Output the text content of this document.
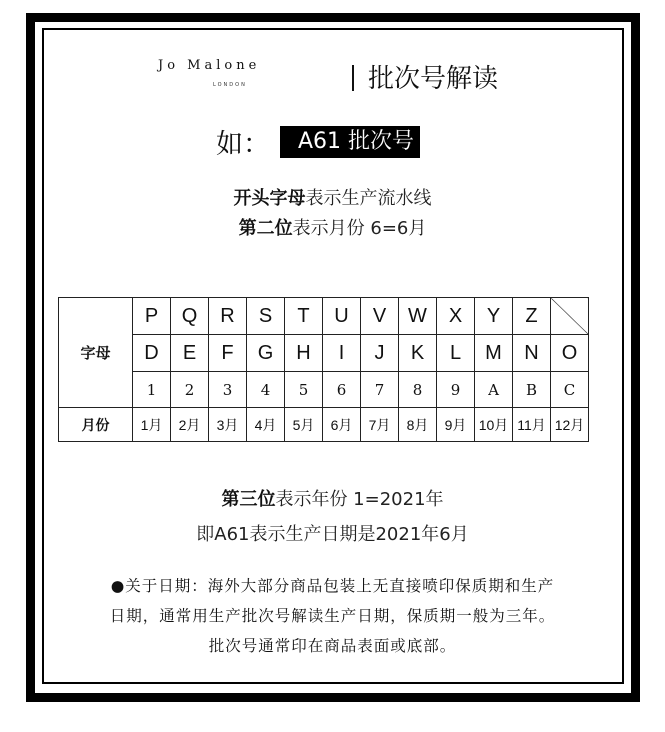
Jo Malone
LONDON	批次号解读
如： A61 批次号
开头字母表示生产流水线
第二位表示月份 6=6月
字母	P	Q	R	S	T	U	V	W	X	Y	Z	
	D	E	F	G	H	I	J	K	L	M	N	O
	1	2	3	4	5	6	7	8	9	A	B	C
月份	1月	2月	3月	4月	5月	6月	7月	8月	9月	10月	11月	12月
第三位表示年份 1=2021年
即A61表示生产日期是2021年6月
●关于日期：海外大部分商品包装上无直接喷印保质期和生产
日期，通常用生产批次号解读生产日期，保质期一般为三年。
批次号通常印在商品表面或底部。
